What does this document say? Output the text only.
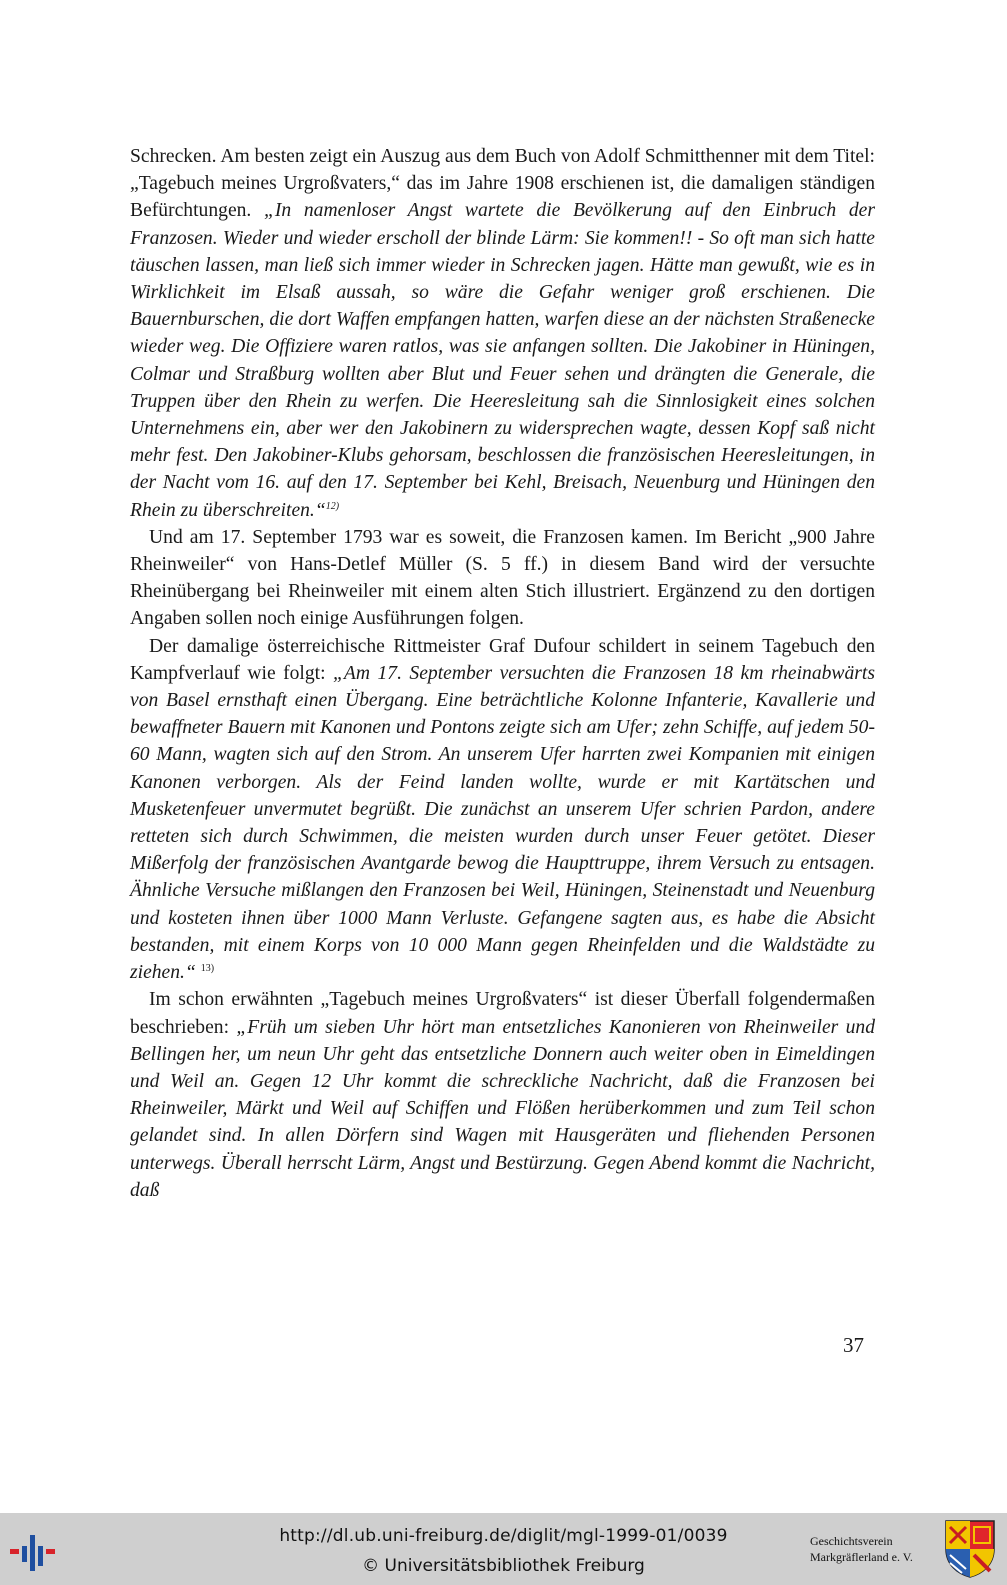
Schrecken. Am besten zeigt ein Auszug aus dem Buch von Adolf Schmitthenner mit dem Titel: „Tagebuch meines Urgroßvaters,“ das im Jahre 1908 erschienen ist, die damaligen ständigen Befürchtungen. „In namenloser Angst wartete die Bevölkerung auf den Einbruch der Franzosen. Wieder und wieder erscholl der blinde Lärm: Sie kommen!! - So oft man sich hatte täuschen lassen, man ließ sich immer wieder in Schrecken jagen. Hätte man gewußt, wie es in Wirklichkeit im Elsaß aussah, so wäre die Gefahr weniger groß erschienen. Die Bauernburschen, die dort Waffen empfangen hatten, warfen diese an der nächsten Straßenecke wieder weg. Die Offiziere waren ratlos, was sie anfangen sollten. Die Jakobiner in Hüningen, Colmar und Straßburg wollten aber Blut und Feuer sehen und drängten die Generale, die Truppen über den Rhein zu werfen. Die Heeresleitung sah die Sinnlosigkeit eines solchen Unternehmens ein, aber wer den Jakobinern zu widersprechen wagte, dessen Kopf saß nicht mehr fest. Den Jakobiner-Klubs gehorsam, beschlossen die französischen Heeresleitungen, in der Nacht vom 16. auf den 17. September bei Kehl, Breisach, Neuenburg und Hüningen den Rhein zu überschreiten.“$^{12)}$

Und am 17. September 1793 war es soweit, die Franzosen kamen. Im Bericht „900 Jahre Rheinweiler“ von Hans-Detlef Müller (S. 5 ff.) in diesem Band wird der versuchte Rheinübergang bei Rheinweiler mit einem alten Stich illustriert. Ergänzend zu den dortigen Angaben sollen noch einige Ausführungen folgen.

Der damalige österreichische Rittmeister Graf Dufour schildert in seinem Tagebuch den Kampfverlauf wie folgt: „Am 17. September versuchten die Franzosen 18 km rheinabwärts von Basel ernsthaft einen Übergang. Eine beträchtliche Kolonne Infanterie, Kavallerie und bewaffneter Bauern mit Kanonen und Pontons zeigte sich am Ufer; zehn Schiffe, auf jedem 50-60 Mann, wagten sich auf den Strom. An unserem Ufer harrten zwei Kompanien mit einigen Kanonen verborgen. Als der Feind landen wollte, wurde er mit Kartätschen und Musketenfeuer unvermutet begrüßt. Die zunächst an unserem Ufer schrien Pardon, andere retteten sich durch Schwimmen, die meisten wurden durch unser Feuer getötet. Dieser Mißerfolg der französischen Avantgarde bewog die Haupttruppe, ihrem Versuch zu entsagen. Ähnliche Versuche mißlangen den Franzosen bei Weil, Hüningen, Steinenstadt und Neuenburg und kosteten ihnen über 1000 Mann Verluste. Gefangene sagten aus, es habe die Absicht bestanden, mit einem Korps von 10 000 Mann gegen Rheinfelden und die Waldstädte zu ziehen.“ $^{13)}$

Im schon erwähnten „Tagebuch meines Urgroßvaters“ ist dieser Überfall folgendermaßen beschrieben: „Früh um sieben Uhr hört man entsetzliches Kanonieren von Rheinweiler und Bellingen her, um neun Uhr geht das entsetzliche Donnern auch weiter oben in Eimeldingen und Weil an. Gegen 12 Uhr kommt die schreckliche Nachricht, daß die Franzosen bei Rheinweiler, Märkt und Weil auf Schiffen und Flößen herüberkommen und zum Teil schon gelandet sind. In allen Dörfern sind Wagen mit Hausgeräten und fliehenden Personen unterwegs. Überall herrscht Lärm, Angst und Bestürzung. Gegen Abend kommt die Nachricht, daß

37
http://dl.ub.uni-freiburg.de/diglit/mgl-1999-01/0039
© Universitätsbibliothek Freiburg
Geschichtsverein
Markgräflerland e. V.
